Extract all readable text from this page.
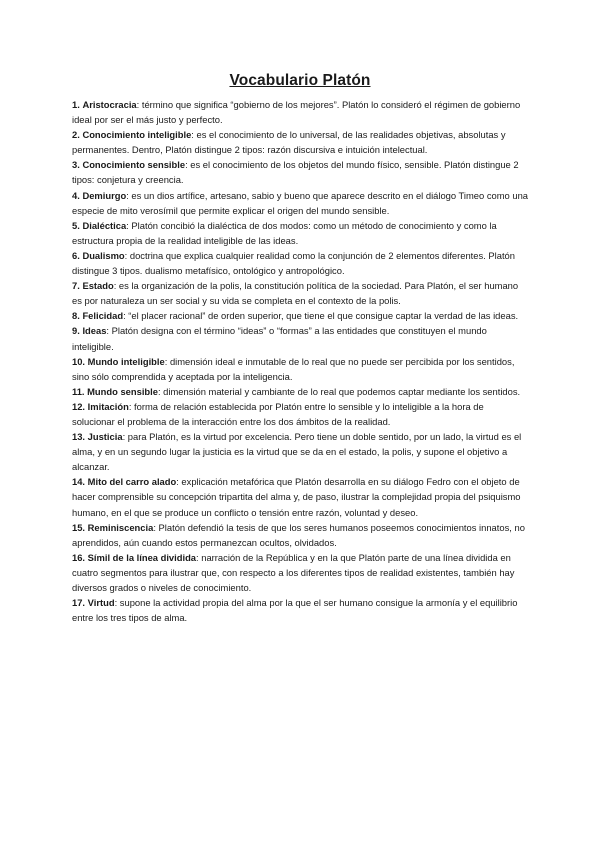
Vocabulario Platón

1. Aristocracia: término que significa “gobierno de los mejores”. Platón lo consideró el régimen de gobierno ideal por ser el más justo y perfecto.

2. Conocimiento inteligible: es el conocimiento de lo universal, de las realidades objetivas, absolutas y permanentes. Dentro, Platón distingue 2 tipos: razón discursiva e intuición intelectual.

3. Conocimiento sensible: es el conocimiento de los objetos del mundo físico, sensible. Platón distingue 2 tipos: conjetura y creencia.

4. Demiurgo: es un dios artífice, artesano, sabio y bueno que aparece descrito en el diálogo Timeo como una especie de mito verosímil que permite explicar el origen del mundo sensible.

5. Dialéctica: Platón concibió la dialéctica de dos modos: como un método de conocimiento y como la estructura propia de la realidad inteligible de las ideas.

6. Dualismo: doctrina que explica cualquier realidad como la conjunción de 2 elementos diferentes. Platón distingue 3 tipos. dualismo metafísico, ontológico y antropológico.

7. Estado: es la organización de la polis, la constitución política de la sociedad. Para Platón, el ser humano es por naturaleza un ser social y su vida se completa en el contexto de la polis.

8. Felicidad: “el placer racional” de orden superior, que tiene el que consigue captar la verdad de las ideas.

9. Ideas: Platón designa con el término “ideas” o “formas” a las entidades que constituyen el mundo inteligible.

10. Mundo inteligible: dimensión ideal e inmutable de lo real que no puede ser percibida por los sentidos, sino sólo comprendida y aceptada por la inteligencia.

11. Mundo sensible: dimensión material y cambiante de lo real que podemos captar mediante los sentidos.

12. Imitación: forma de relación establecida por Platón entre lo sensible y lo inteligible a la hora de solucionar el problema de la interacción entre los dos ámbitos de la realidad.

13. Justicia: para Platón, es la virtud por excelencia. Pero tiene un doble sentido, por un lado, la virtud es el alma, y en un segundo lugar la justicia es la virtud que se da en el estado, la polis, y supone el objetivo a alcanzar.

14. Mito del carro alado: explicación metafórica que Platón desarrolla en su diálogo Fedro con el objeto de hacer comprensible su concepción tripartita del alma y, de paso, ilustrar la complejidad propia del psiquismo humano, en el que se produce un conflicto o tensión entre razón, voluntad y deseo.

15. Reminiscencia: Platón defendió la tesis de que los seres humanos poseemos conocimientos innatos, no aprendidos, aún cuando estos permanezcan ocultos, olvidados.

16. Símil de la línea dividida: narración de la República y en la que Platón parte de una línea dividida en cuatro segmentos para ilustrar que, con respecto a los diferentes tipos de realidad existentes, también hay diversos grados o niveles de conocimiento.

17. Virtud: supone la actividad propia del alma por la que el ser humano consigue la armonía y el equilibrio entre los tres tipos de alma.
